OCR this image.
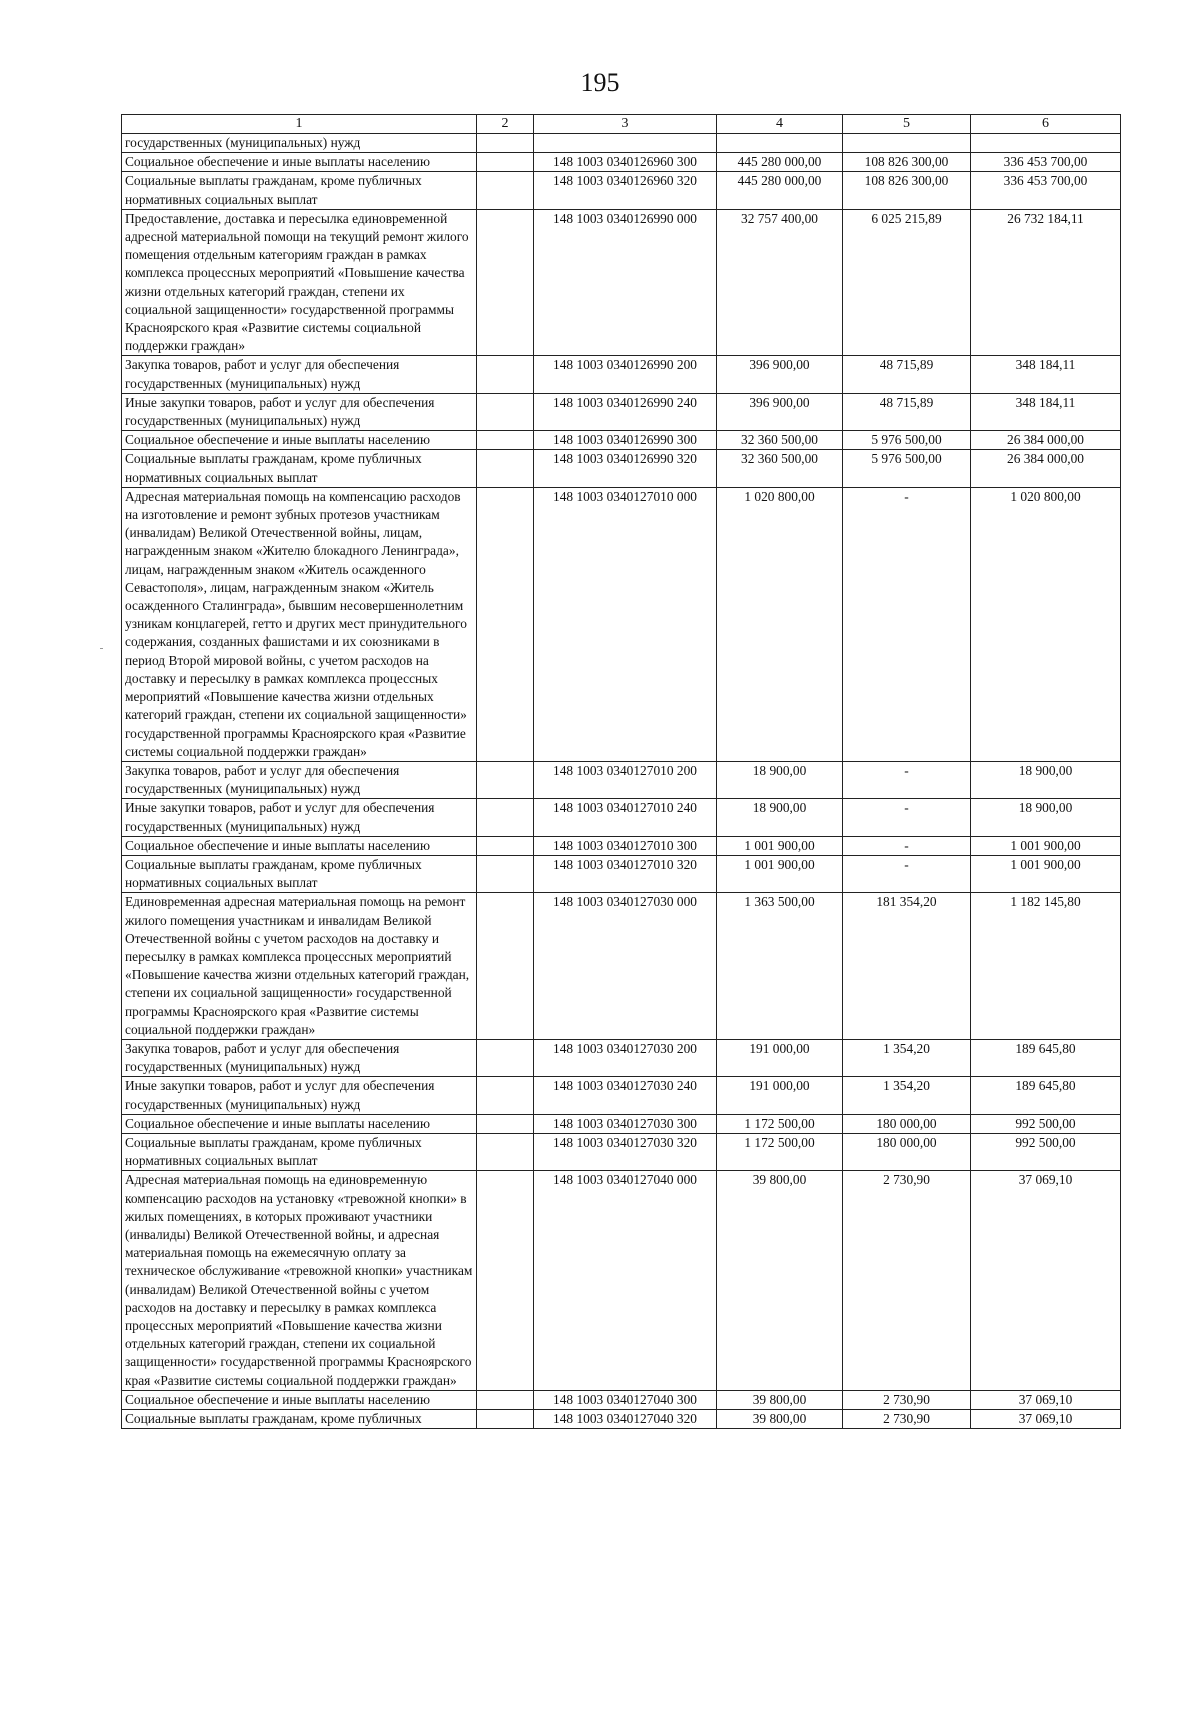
195
1	2	3	4	5	6
государственных (муниципальных) нужд					
Социальное обеспечение и иные выплаты населению		148 1003 0340126960 300	445 280 000,00	108 826 300,00	336 453 700,00
Социальные выплаты гражданам, кроме публичных нормативных социальных выплат		148 1003 0340126960 320	445 280 000,00	108 826 300,00	336 453 700,00
Предоставление, доставка и пересылка единовременной адресной материальной помощи на текущий ремонт жилого помещения отдельным категориям граждан в рамках комплекса процессных мероприятий «Повышение качества жизни отдельных категорий граждан, степени их социальной защищенности» государственной программы Красноярского края «Развитие системы социальной поддержки граждан»		148 1003 0340126990 000	32 757 400,00	6 025 215,89	26 732 184,11
Закупка товаров, работ и услуг для обеспечения государственных (муниципальных) нужд		148 1003 0340126990 200	396 900,00	48 715,89	348 184,11
Иные закупки товаров, работ и услуг для обеспечения государственных (муниципальных) нужд		148 1003 0340126990 240	396 900,00	48 715,89	348 184,11
Социальное обеспечение и иные выплаты населению		148 1003 0340126990 300	32 360 500,00	5 976 500,00	26 384 000,00
Социальные выплаты гражданам, кроме публичных нормативных социальных выплат		148 1003 0340126990 320	32 360 500,00	5 976 500,00	26 384 000,00
Адресная материальная помощь на компенсацию расходов на изготовление и ремонт зубных протезов участникам (инвалидам) Великой Отечественной войны, лицам, награжденным знаком «Жителю блокадного Ленинграда», лицам, награжденным знаком «Житель осажденного Севастополя», лицам, награжденным знаком «Житель осажденного Сталинграда», бывшим несовершеннолетним узникам концлагерей, гетто и других мест принудительного содержания, созданных фашистами и их союзниками в период Второй мировой войны, с учетом расходов на доставку и пересылку в рамках комплекса процессных мероприятий «Повышение качества жизни отдельных категорий граждан, степени их социальной защищенности» государственной программы Красноярского края «Развитие системы социальной поддержки граждан»		148 1003 0340127010 000	1 020 800,00	-	1 020 800,00
Закупка товаров, работ и услуг для обеспечения государственных (муниципальных) нужд		148 1003 0340127010 200	18 900,00	-	18 900,00
Иные закупки товаров, работ и услуг для обеспечения государственных (муниципальных) нужд		148 1003 0340127010 240	18 900,00	-	18 900,00
Социальное обеспечение и иные выплаты населению		148 1003 0340127010 300	1 001 900,00	-	1 001 900,00
Социальные выплаты гражданам, кроме публичных нормативных социальных выплат		148 1003 0340127010 320	1 001 900,00	-	1 001 900,00
Единовременная адресная материальная помощь на ремонт жилого помещения участникам и инвалидам Великой Отечественной войны с учетом расходов на доставку и пересылку в рамках комплекса процессных мероприятий «Повышение качества жизни отдельных категорий граждан, степени их социальной защищенности» государственной программы Красноярского края «Развитие системы социальной поддержки граждан»		148 1003 0340127030 000	1 363 500,00	181 354,20	1 182 145,80
Закупка товаров, работ и услуг для обеспечения государственных (муниципальных) нужд		148 1003 0340127030 200	191 000,00	1 354,20	189 645,80
Иные закупки товаров, работ и услуг для обеспечения государственных (муниципальных) нужд		148 1003 0340127030 240	191 000,00	1 354,20	189 645,80
Социальное обеспечение и иные выплаты населению		148 1003 0340127030 300	1 172 500,00	180 000,00	992 500,00
Социальные выплаты гражданам, кроме публичных нормативных социальных выплат		148 1003 0340127030 320	1 172 500,00	180 000,00	992 500,00
Адресная материальная помощь на единовременную компенсацию расходов на установку «тревожной кнопки» в жилых помещениях, в которых проживают участники (инвалиды) Великой Отечественной войны, и адресная материальная помощь на ежемесячную оплату за техническое обслуживание «тревожной кнопки» участникам (инвалидам) Великой Отечественной войны с учетом расходов на доставку и пересылку в рамках комплекса процессных мероприятий «Повышение качества жизни отдельных категорий граждан, степени их социальной защищенности» государственной программы Красноярского края «Развитие системы социальной поддержки граждан»		148 1003 0340127040 000	39 800,00	2 730,90	37 069,10
Социальное обеспечение и иные выплаты населению		148 1003 0340127040 300	39 800,00	2 730,90	37 069,10
Социальные выплаты гражданам, кроме публичных		148 1003 0340127040 320	39 800,00	2 730,90	37 069,10
